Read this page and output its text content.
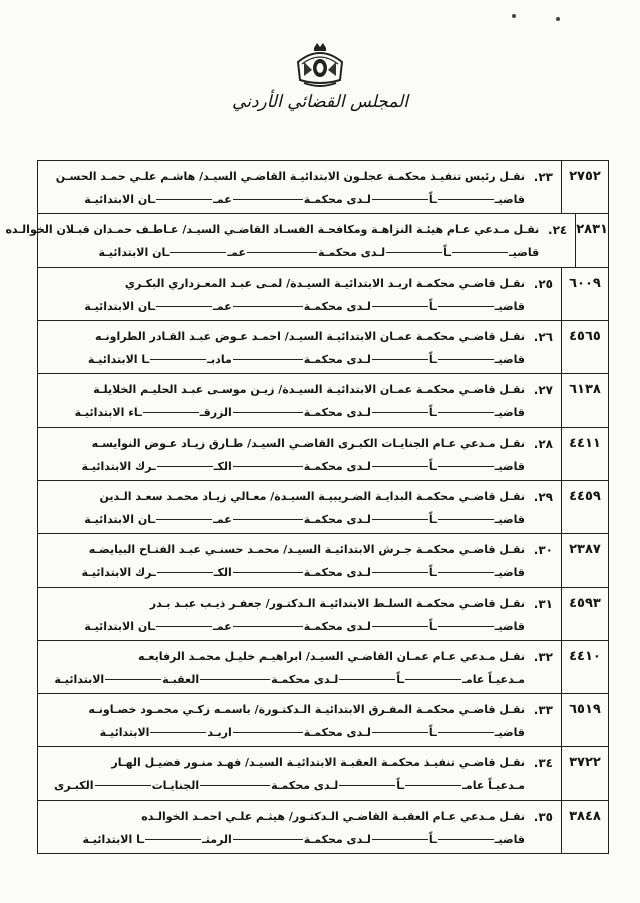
المجلس القضائي الأردني
٢٧٥٢
٢٣.
نقـل رئيس تنفيـذ محكمـة عجلـون الابتدائيـة القاضـي السيـد/ هاشـم علـي حمـد الحسـن
قاضيــاًلـدى محكمـةعمــان الابتدائيـة
٢٨٣١
٢٤.
نقـل مـدعي عـام هيئـة النزاهـة ومكافحـة الفسـاد القاضـي السيـد/ عـاطـف حمـدان قبـلان الخوالـده
قاضيــاًلـدى محكمـةعمــان الابتدائيـة
٦٠٠٩
٢٥.
نقـل قاضـي محكمـة اربـد الابتدائيـة السيـدة/ لمـى عبـد المعـزداري البكـري
قاضيــاًلـدى محكمـةعمــان الابتدائيـة
٤٥٦٥
٢٦.
نقـل قاضـي محكمـة عمـان الابتدائيـة السيـد/ احمـد عـوض عبـد القـادر الطراونـه
قاضيــاًلـدى محكمـةمادبــا الابتدائيـة
٦١٣٨
٢٧.
نقـل قاضـي محكمـة عمـان الابتدائيـة السيـدة/ زيـن موسـى عبـد الحليـم الخلايلـة
قاضيــاًلـدى محكمـةالزرقــاء الابتدائيـة
٤٤١١
٢٨.
نقـل مـدعي عـام الجنايـات الكبـرى القاضـي السيـد/ طـارق زيـاد عـوض النوايسـه
قاضيــاًلـدى محكمـةالكــرك الابتدائيـة
٤٤٥٩
٢٩.
نقـل قاضـي محكمـة البدايـة الضـريبيـة السيـدة/ معـالي زيـاد محمـد سعـد الـدين
قاضيــاًلـدى محكمـةعمــان الابتدائيـة
٢٣٨٧
٣٠.
نقـل قاضـي محكمـة جـرش الابتدائيـة السيـد/ محمـد حسنـي عبـد الفتـاح البيايضـه
قاضيــاًلـدى محكمـةالكــرك الابتدائيـة
٤٥٩٣
٣١.
نقـل قاضـي محكمـة السلـط الابتدائيـة الـدكتـور/ جعفـر ذيـب عبـد بـدر
قاضيــاًلـدى محكمـةعمــان الابتدائيـة
٤٤١٠
٣٢.
نقـل مـدعي عـام عمـان القاضـي السيـد/ ابراهيـم خليـل محمـد الرفايعـه
مـدعيـاً عامــاًلـدى محكمـةالعقبـةالابتدائيـة
٦٥١٩
٣٣.
نقـل قاضـي محكمـة المفـرق الابتدائيـة الـدكتـورة/ باسمـه زكـي محمـود خصـاونـه
قاضيــاًلـدى محكمـةاربـدالابتدائيـة
٣٧٢٢
٣٤.
نقـل قاضـي تنفيـذ محكمـة العقبـة الابتدائيـة السيـد/ فهـد منـور فضيـل الهـار
مـدعيـاً عامــاًلـدى محكمـةالجنايـاتالكبـرى
٣٨٤٨
٣٥.
نقـل مـدعي عـام العقبـة القاضـي الـدكتـور/ هيثـم علـي احمـد الخوالـده
قاضيــاًلـدى محكمـةالرمثــا الابتدائيـة
